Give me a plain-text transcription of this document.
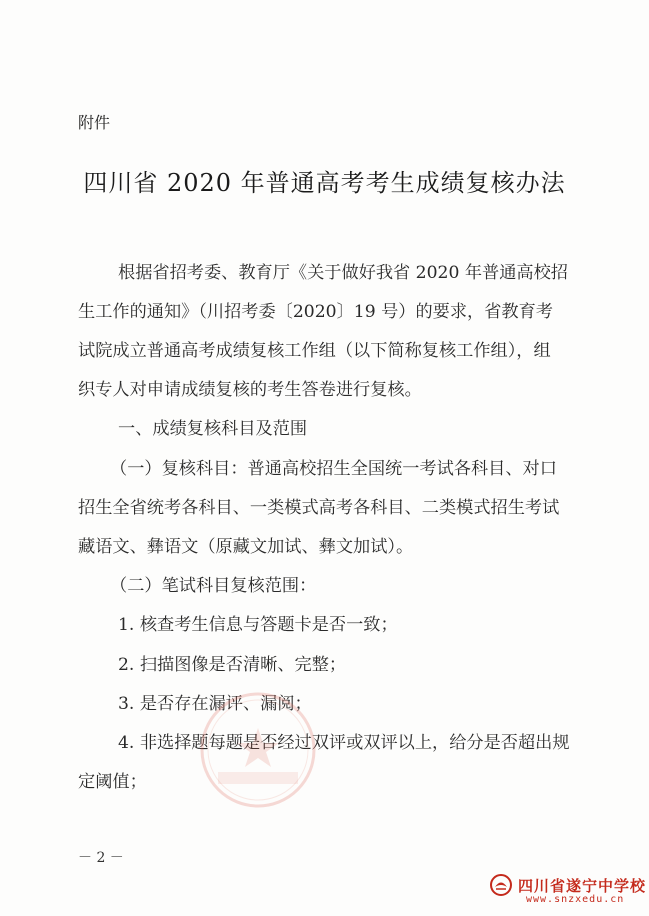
附件
四川省 2020 年普通高考考生成绩复核办法
根据省招考委、教育厅《关于做好我省 2020 年普通高校招
生工作的通知》（川招考委〔2020〕19 号）的要求，省教育考
试院成立普通高考成绩复核工作组（以下简称复核工作组），组
织专人对申请成绩复核的考生答卷进行复核。
一、成绩复核科目及范围
（一）复核科目：普通高校招生全国统一考试各科目、对口
招生全省统考各科目、一类模式高考各科目、二类模式招生考试
藏语文、彝语文（原藏文加试、彝文加试）。
（二）笔试科目复核范围：
1. 核查考生信息与答题卡是否一致；
2. 扫描图像是否清晰、完整；
3. 是否存在漏评、漏阅；
4. 非选择题每题是否经过双评或双评以上，给分是否超出规
定阈值；
－ 2 －
四川省遂宁中学校
www.snzxedu.cn
